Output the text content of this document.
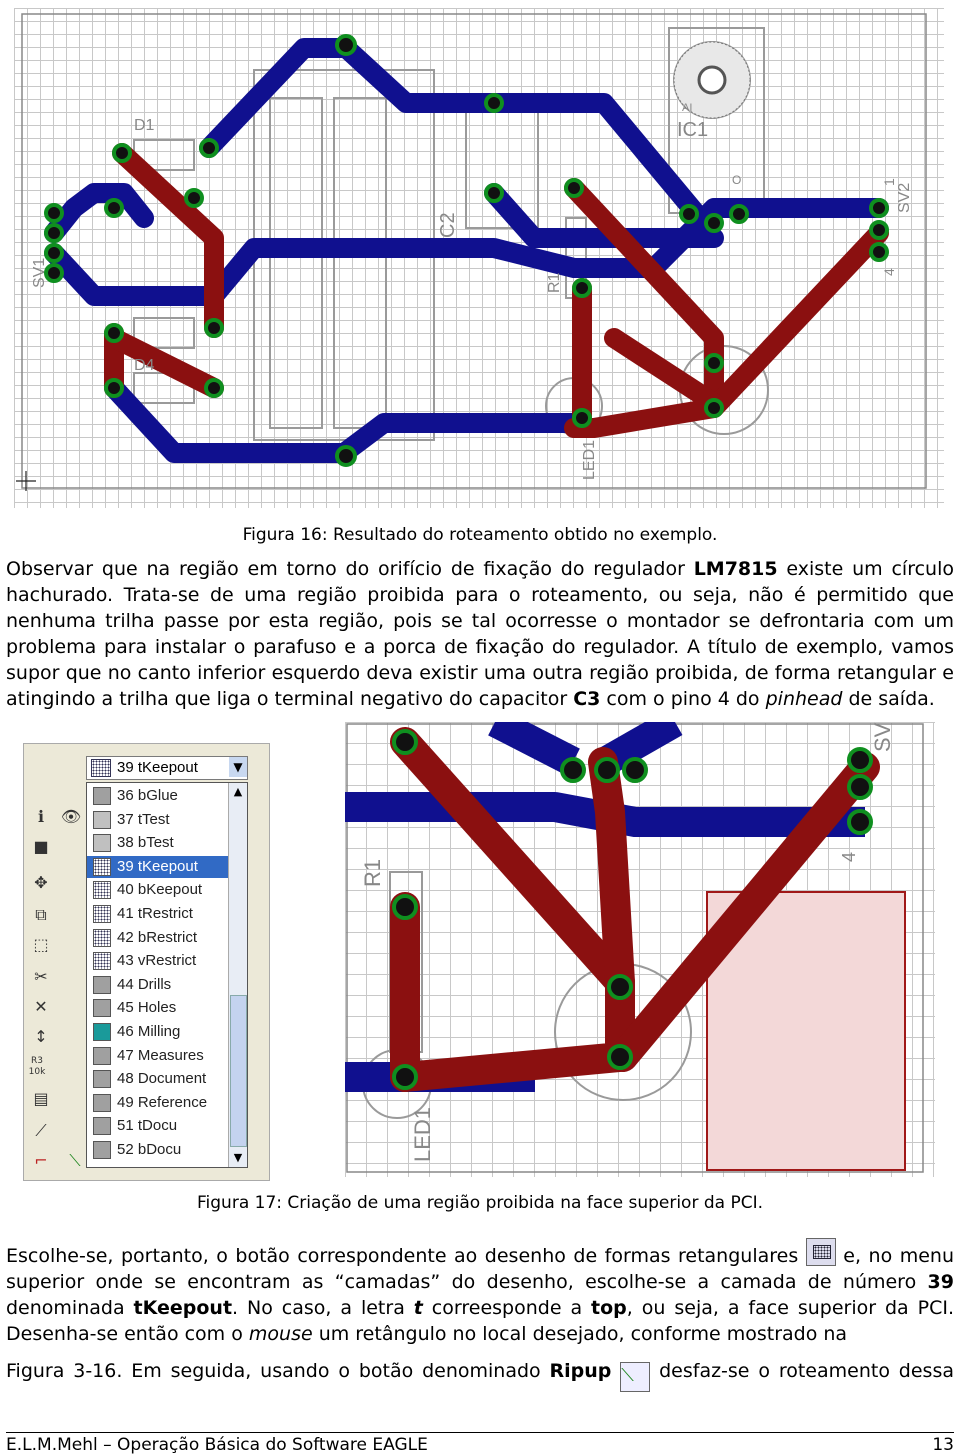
D1
D4
IC1
AI
O
C2
R1
SV1
SV2
LED1
1
4
Figura 16: Resultado do roteamento obtido no exemplo.

Observar que na região em torno do orifício de fixação do regulador LM7815 existe um círculo hachurado. Trata-se de uma região proibida para o roteamento, ou seja, não é permitido que nenhuma trilha passe por esta região, pois se tal ocorresse o montador se defrontaria com um problema para instalar o parafuso e a porca de fixação do regulador. A título de exemplo, vamos supor que no canto inferior esquerdo deva existir uma outra região proibida, de forma retangular e atingindo a trilha que liga o terminal negativo do capacitor C3 com o pino 4 do pinhead de saída.

ℹ	👁
■
✥
⧉
⬚
✂
✕
↕
R3
10k
▤
⟋
⌐	⟍
39 tKeepout	▼
36 bGlue
37 tTest
38 bTest
39 tKeepout
40 bKeepout
41 tRestrict
42 bRestrict
43 vRestrict
44 Drills
45 Holes
46 Milling
47 Measures
48 Document
49 Reference
51 tDocu
52 bDocu
▲
▼
R1
LED1
SV
4
Figura 17: Criação de uma região proibida na face superior da PCI.

Escolhe-se, portanto, o botão correspondente ao desenho de formas retangulares
e, no menu superior onde se encontram as “camadas” do desenho, escolhe-se a camada de número 39 denominada tKeepout. No caso, a letra t correesponde a top, ou seja, a face superior da PCI. Desenha-se então com o mouse um retângulo no local desejado, conforme mostrado na

Figura 3-16. Em seguida, usando o botão denominado Ripup ⟍ desfaz-se o roteamento dessa

E.L.M.Mehl – Operação Básica do Software EAGLE	13
